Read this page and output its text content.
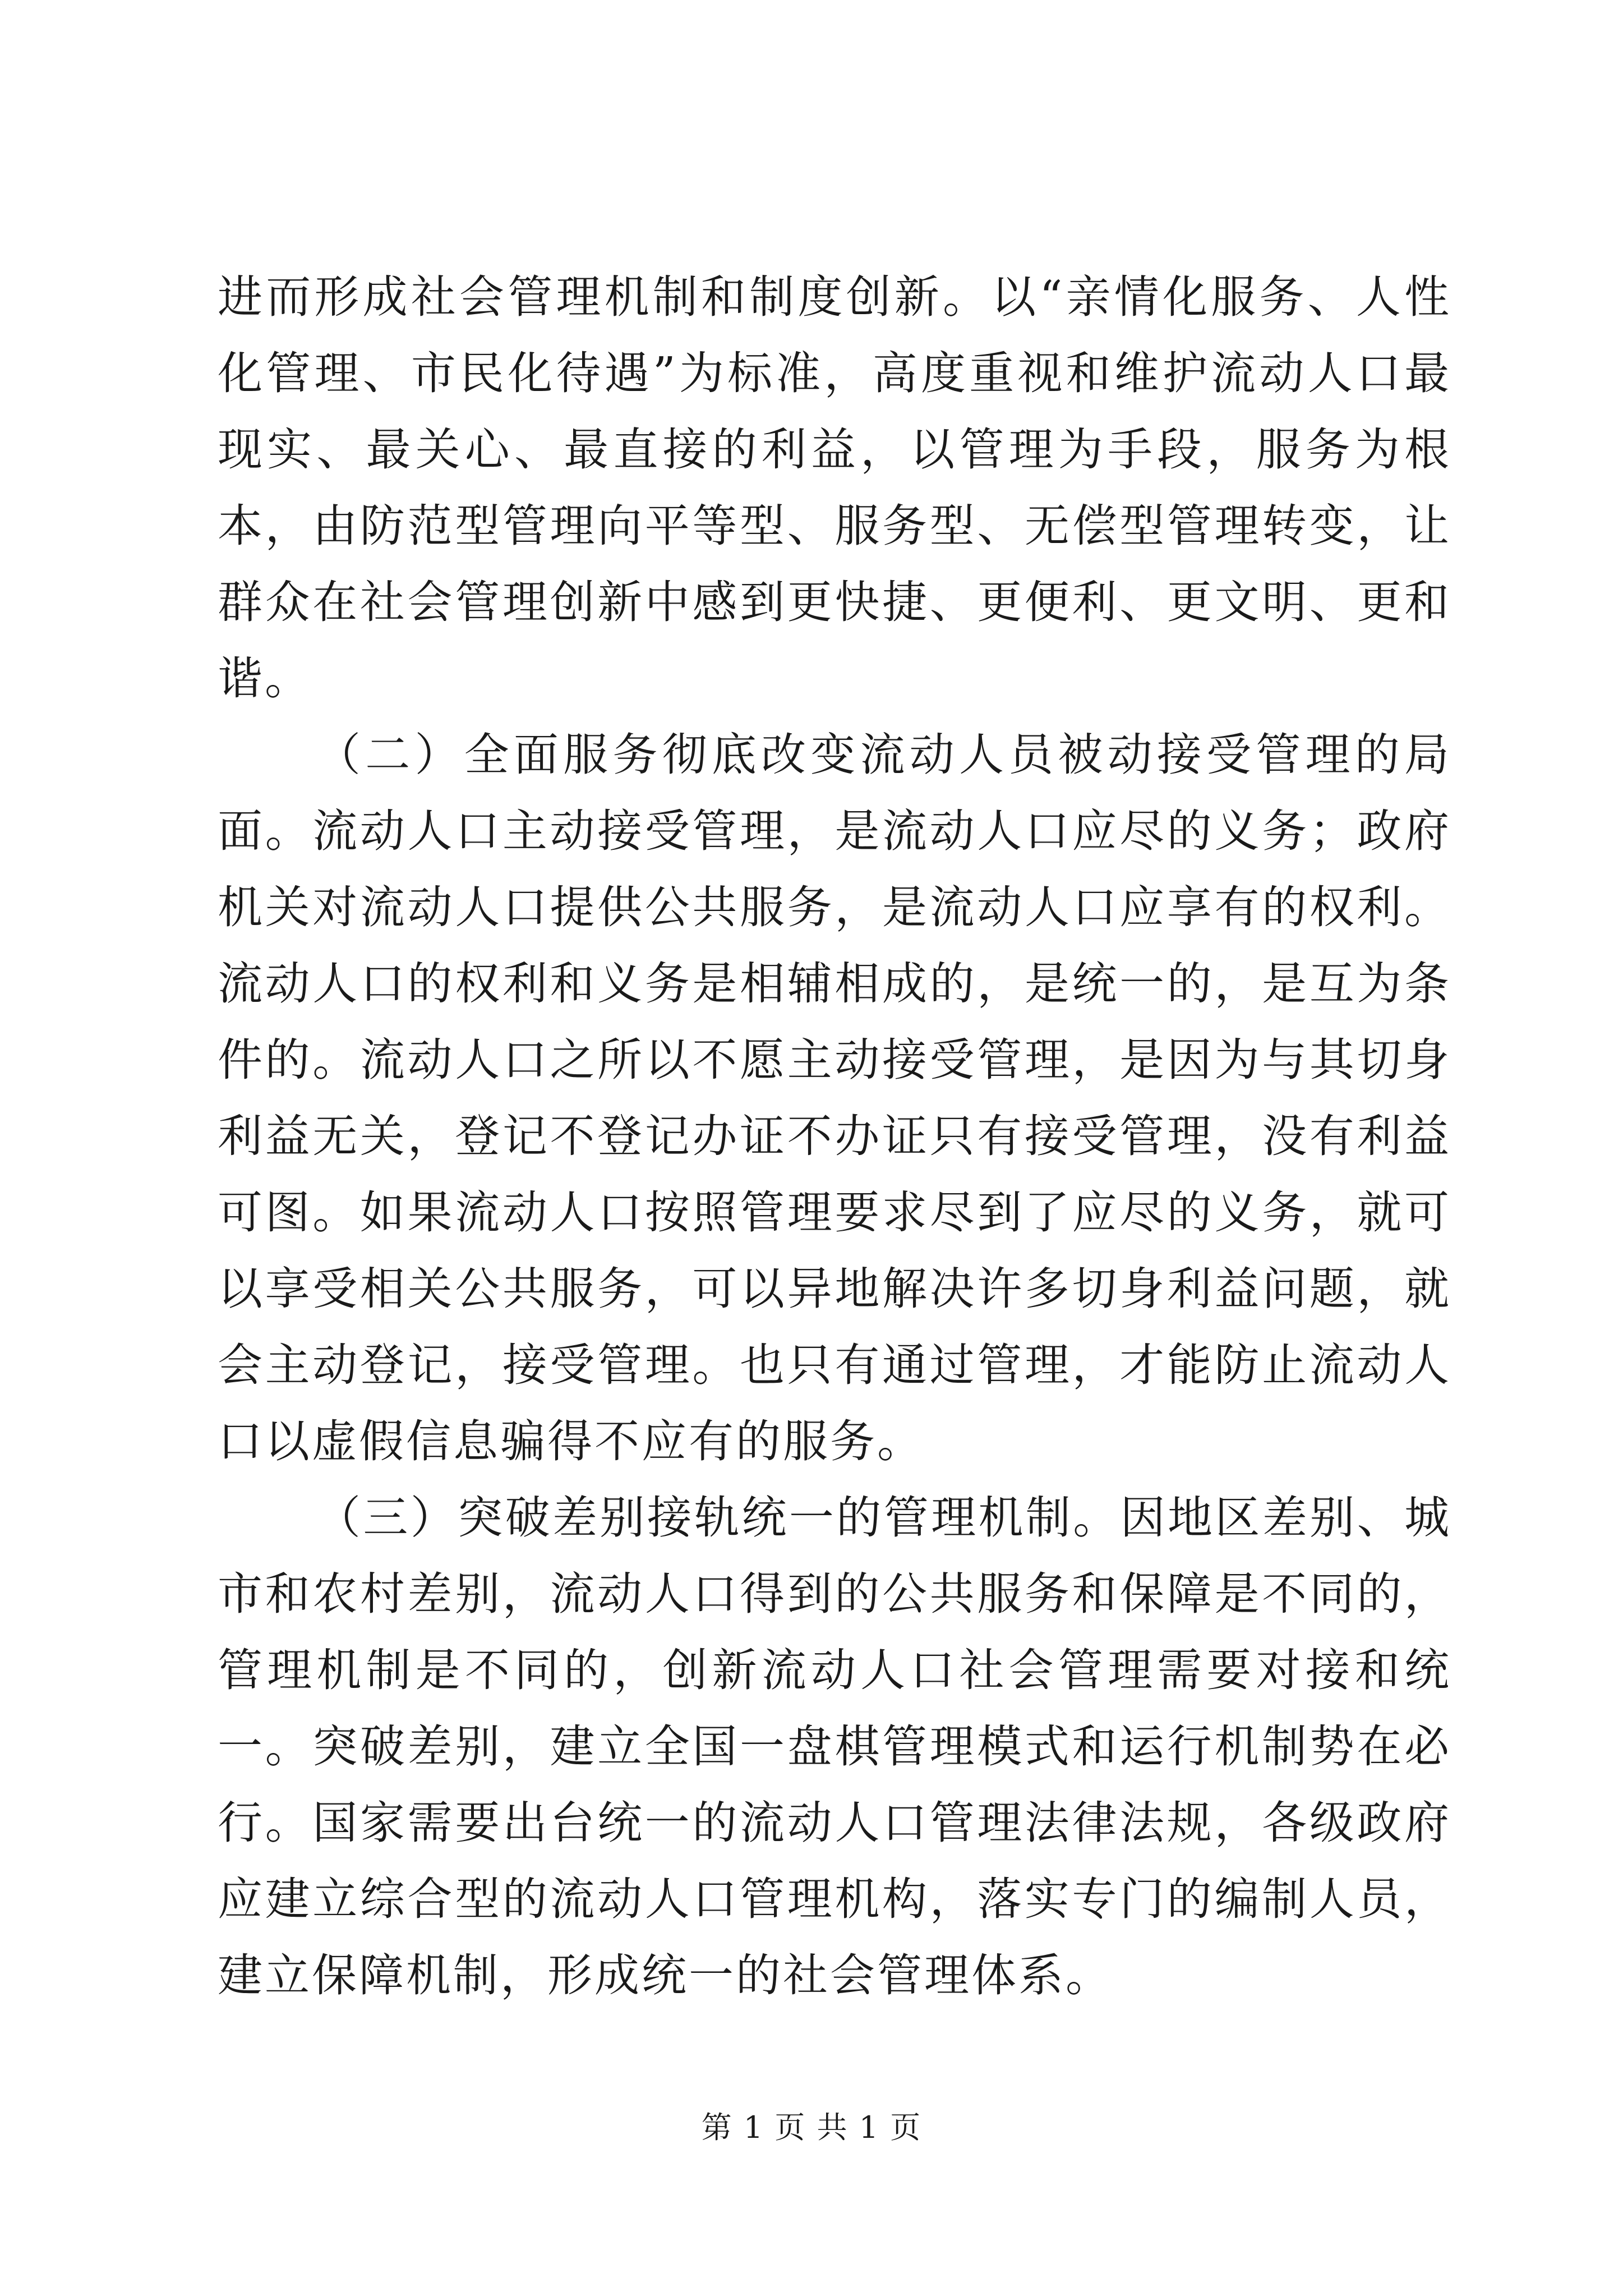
进而形成社会管理机制和制度创新。以“亲情化服务、人性化管理、市民化待遇”为标准，高度重视和维护流动人口最现实、最关心、最直接的利益，以管理为手段，服务为根本，由防范型管理向平等型、服务型、无偿型管理转变，让群众在社会管理创新中感到更快捷、更便利、更文明、更和谐。

（二）全面服务彻底改变流动人员被动接受管理的局面。流动人口主动接受管理，是流动人口应尽的义务；政府机关对流动人口提供公共服务，是流动人口应享有的权利。流动人口的权利和义务是相辅相成的，是统一的，是互为条件的。流动人口之所以不愿主动接受管理，是因为与其切身利益无关，登记不登记办证不办证只有接受管理，没有利益可图。如果流动人口按照管理要求尽到了应尽的义务，就可以享受相关公共服务，可以异地解决许多切身利益问题，就会主动登记，接受管理。也只有通过管理，才能防止流动人口以虚假信息骗得不应有的服务。

（三）突破差别接轨统一的管理机制。因地区差别、城市和农村差别，流动人口得到的公共服务和保障是不同的，管理机制是不同的，创新流动人口社会管理需要对接和统一。突破差别，建立全国一盘棋管理模式和运行机制势在必行。国家需要出台统一的流动人口管理法律法规，各级政府应建立综合型的流动人口管理机构，落实专门的编制人员，建立保障机制，形成统一的社会管理体系。

第 1 页 共 1 页
